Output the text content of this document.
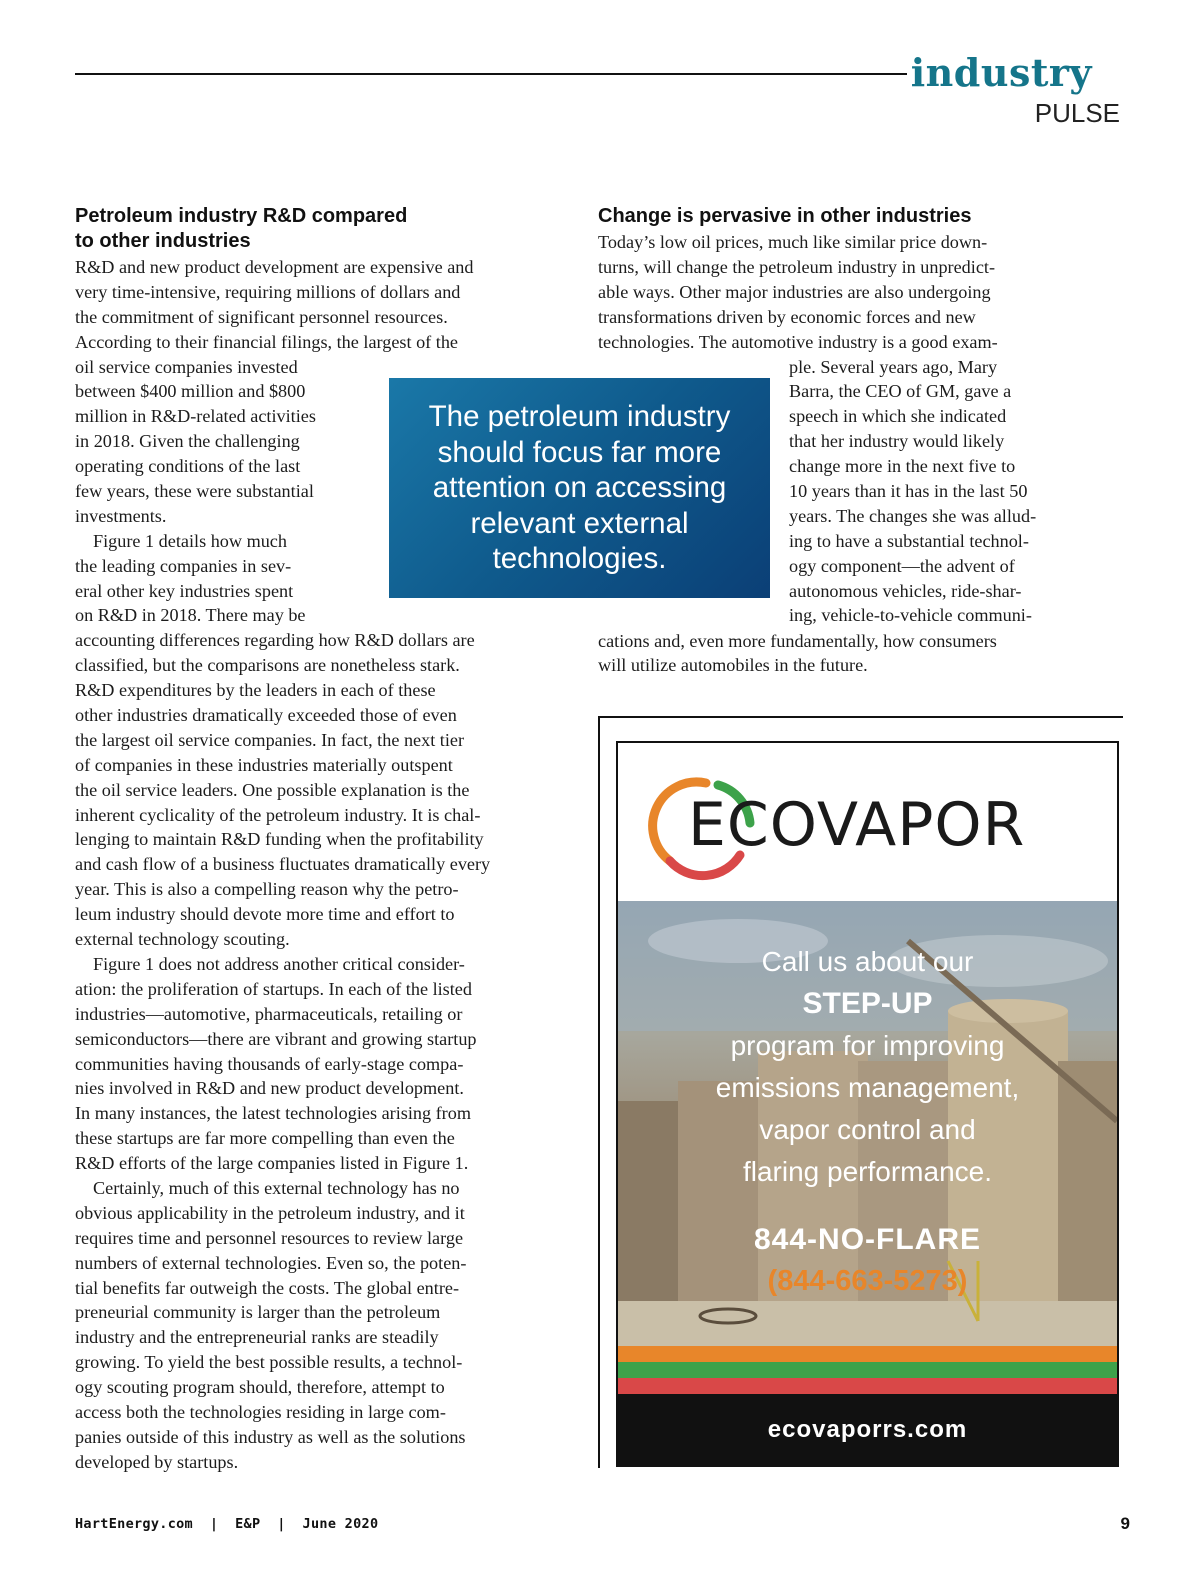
industry
PULSE
Petroleum industry R&D compared
to other industries
R&D and new product development are expensive and
very time-intensive, requiring millions of dollars and
the commitment of significant personnel resources.
According to their financial filings, the largest of the
oil service companies invested
between $400 million and $800
million in R&D-related activities
in 2018. Given the challenging
operating conditions of the last
few years, these were substantial
investments.
Figure 1 details how much
the leading companies in sev-
eral other key industries spent
on R&D in 2018. There may be
accounting differences regarding how R&D dollars are
classified, but the comparisons are nonetheless stark.
R&D expenditures by the leaders in each of these
other industries dramatically exceeded those of even
the largest oil service companies. In fact, the next tier
of companies in these industries materially outspent
the oil service leaders. One possible explanation is the
inherent cyclicality of the petroleum industry. It is chal-
lenging to maintain R&D funding when the profitability
and cash flow of a business fluctuates dramatically every
year. This is also a compelling reason why the petro-
leum industry should devote more time and effort to
external technology scouting.
Figure 1 does not address another critical consider-
ation: the proliferation of startups. In each of the listed
industries—automotive, pharmaceuticals, retailing or
semiconductors—there are vibrant and growing startup
communities having thousands of early-stage compa-
nies involved in R&D and new product development.
In many instances, the latest technologies arising from
these startups are far more compelling than even the
R&D efforts of the large companies listed in Figure 1.
Certainly, much of this external technology has no
obvious applicability in the petroleum industry, and it
requires time and personnel resources to review large
numbers of external technologies. Even so, the poten-
tial benefits far outweigh the costs. The global entre-
preneurial community is larger than the petroleum
industry and the entrepreneurial ranks are steadily
growing. To yield the best possible results, a technol-
ogy scouting program should, therefore, attempt to
access both the technologies residing in large com-
panies outside of this industry as well as the solutions
developed by startups.
The petroleum industry
should focus far more
attention on accessing
relevant external
technologies.
Change is pervasive in other industries
Today’s low oil prices, much like similar price down-
turns, will change the petroleum industry in unpredict-
able ways. Other major industries are also undergoing
transformations driven by economic forces and new
technologies. The automotive industry is a good exam-
ple. Several years ago, Mary
Barra, the CEO of GM, gave a
speech in which she indicated
that her industry would likely
change more in the next five to
10 years than it has in the last 50
years. The changes she was allud-
ing to have a substantial technol-
ogy component—the advent of
autonomous vehicles, ride-shar-
ing, vehicle-to-vehicle communi-
cations and, even more fundamentally, how consumers
will utilize automobiles in the future.
ECOVAPOR
Call us about our
STEP-UP
program for improving
emissions management,
vapor control and
flaring performance.
844-NO-FLARE
(844-663-5273)
ecovaporrs.com
HartEnergy.com  |  E&P  |  June 2020	9
